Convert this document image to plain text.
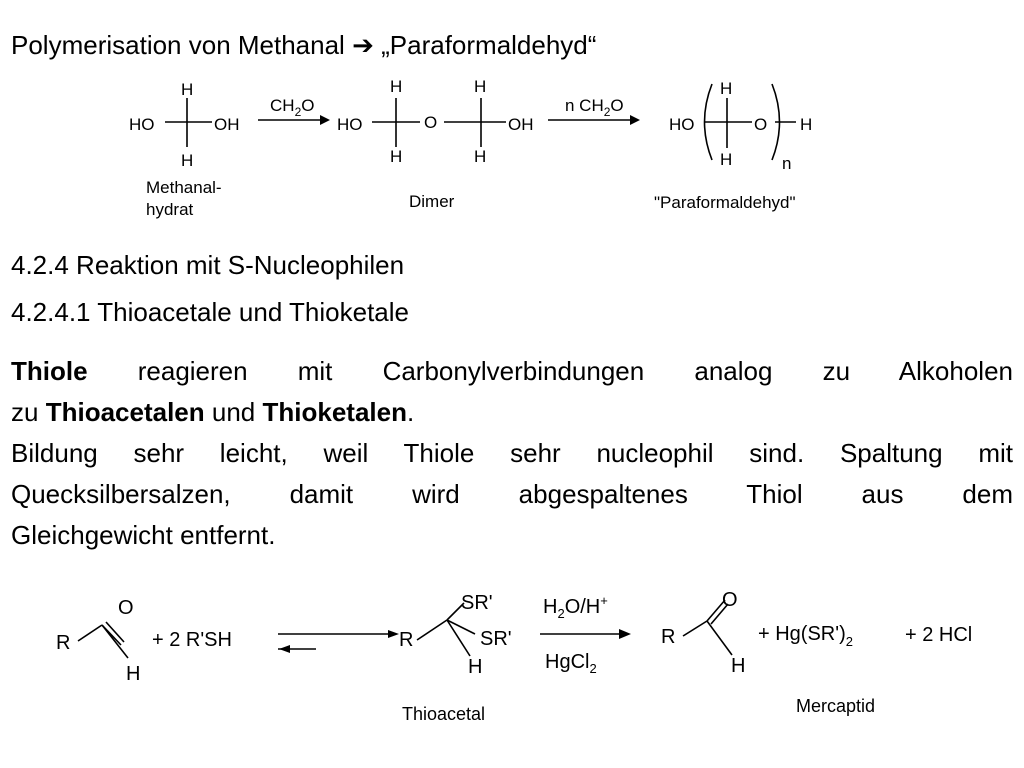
Polymerisation von Methanal ➔ „Paraformaldehyd“
HO	OH
H
H
$CH_2O$
HO
H
H
O
H
H
OH
n $CH_2O$
HO
H
H
O H
n
Methanal-
hydrat	Dimer	"Paraformaldehyd"
4.2.4 Reaktion mit S-Nucleophilen
4.2.4.1 Thioacetale und Thioketale
Thiole reagieren mit Carbonylverbindungen analog zu Alkoholen
zu Thioacetalen und Thioketalen.
Bildung sehr leicht, weil Thiole sehr nucleophil sind. Spaltung mit
Quecksilbersalzen, damit wird abgespaltenes Thiol aus dem
Gleichgewicht entfernt.
R
O
H
+ 2 R'SH	R
SR'
SR'
H
$H_2O/H^+$
HgCl$_2$
R
O
H
+ $Hg(SR')_2$	+ 2 HCl
Thioacetal	Mercaptid
